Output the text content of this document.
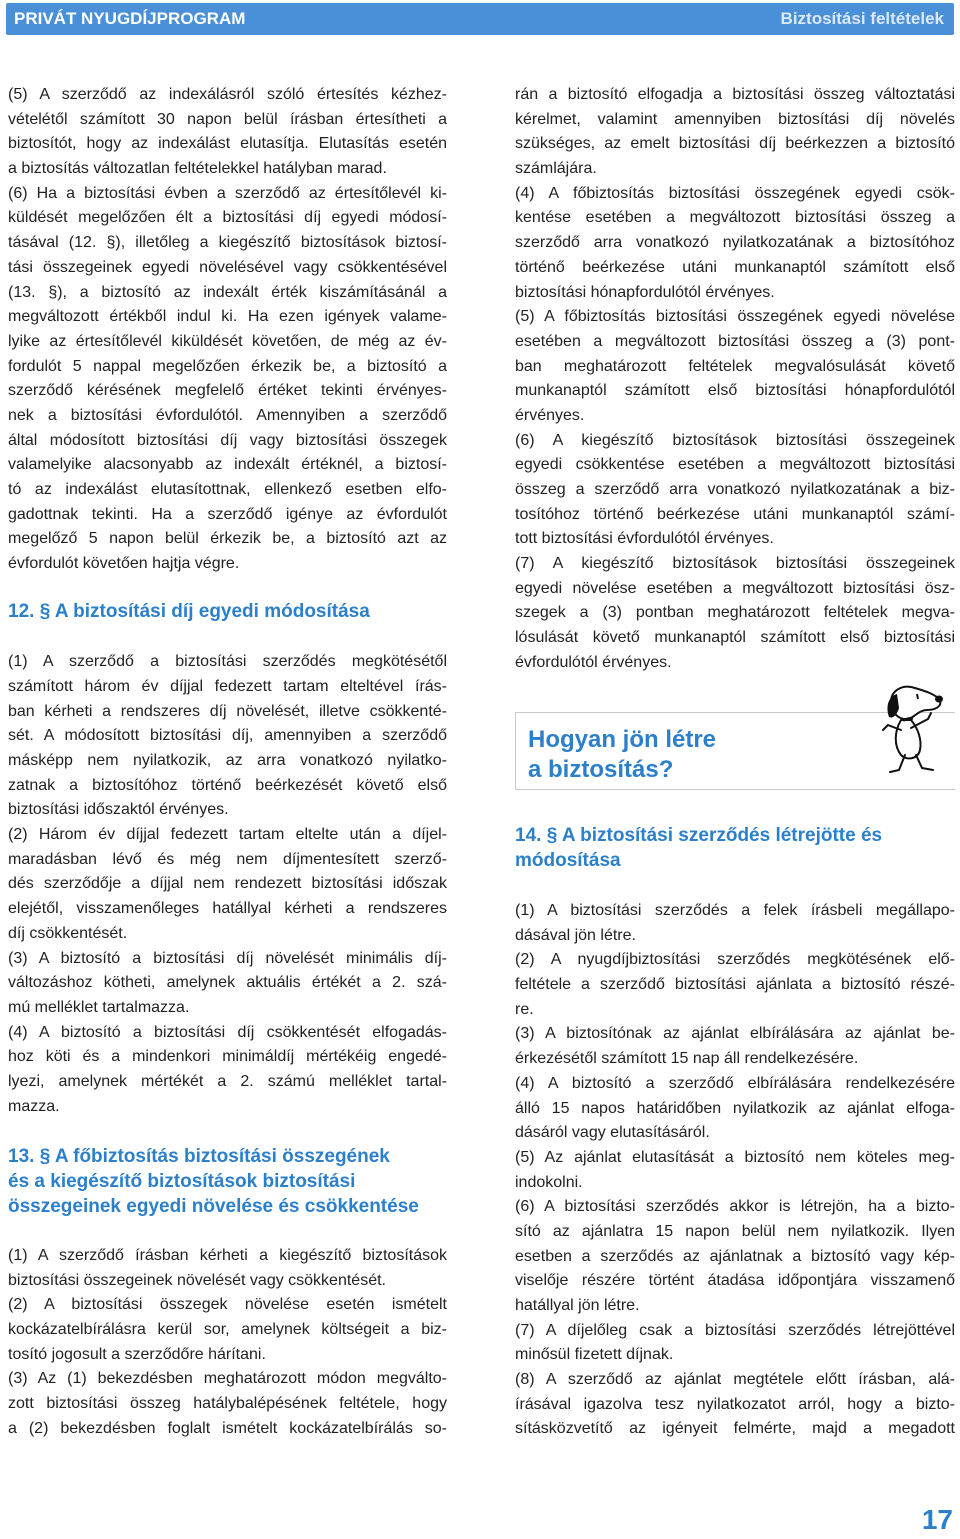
PRIVÁT NYUGDÍJPROGRAM	Biztosítási feltételek
(5) A szerződő az indexálásról szóló értesítés kézhez-
vételétől számított 30 napon belül írásban értesítheti a
biztosítót, hogy az indexálást elutasítja. Elutasítás esetén
a biztosítás változatlan feltételekkel hatályban marad.
(6) Ha a biztosítási évben a szerződő az értesítőlevél ki-
küldését megelőzően élt a biztosítási díj egyedi módosí-
tásával (12. §), illetőleg a kiegészítő biztosítások biztosí-
tási összegeinek egyedi növelésével vagy csökkentésével
(13. §), a biztosító az indexált érték kiszámításánál a
megváltozott értékből indul ki. Ha ezen igények valame-
lyike az értesítőlevél kiküldését követően, de még az év-
fordulót 5 nappal megelőzően érkezik be, a biztosító a
szerződő kérésének megfelelő értéket tekinti érvényes-
nek a biztosítási évfordulótól. Amennyiben a szerződő
által módosított biztosítási díj vagy biztosítási összegek
valamelyike alacsonyabb az indexált értéknél, a biztosí-
tó az indexálást elutasítottnak, ellenkező esetben elfo-
gadottnak tekinti. Ha a szerződő igénye az évfordulót
megelőző 5 napon belül érkezik be, a biztosító azt az
évfordulót követően hajtja végre.
12. § A biztosítási díj egyedi módosítása
(1) A szerződő a biztosítási szerződés megkötésétől
számított három év díjjal fedezett tartam elteltével írás-
ban kérheti a rendszeres díj növelését, illetve csökkenté-
sét. A módosított biztosítási díj, amennyiben a szerződő
másképp nem nyilatkozik, az arra vonatkozó nyilatko-
zatnak a biztosítóhoz történő beérkezését követő első
biztosítási időszaktól érvényes.
(2) Három év díjjal fedezett tartam eltelte után a díjel-
maradásban lévő és még nem díjmentesített szerző-
dés szerződője a díjjal nem rendezett biztosítási időszak
elejétől, visszamenőleges hatállyal kérheti a rendszeres
díj csökkentését.
(3) A biztosító a biztosítási díj növelését minimális díj-
változáshoz kötheti, amelynek aktuális értékét a 2. szá-
mú melléklet tartalmazza.
(4) A biztosító a biztosítási díj csökkentését elfogadás-
hoz köti és a mindenkori minimáldíj mértékéig engedé-
lyezi, amelynek mértékét a 2. számú melléklet tartal-
mazza.
13. § A főbiztosítás biztosítási összegének
és a kiegészítő biztosítások biztosítási
összegeinek egyedi növelése és csökkentése
(1) A szerződő írásban kérheti a kiegészítő biztosítások
biztosítási összegeinek növelését vagy csökkentését.
(2) A biztosítási összegek növelése esetén ismételt
kockázatelbírálásra kerül sor, amelynek költségeit a biz-
tosító jogosult a szerződőre hárítani.
(3) Az (1) bekezdésben meghatározott módon megválto-
zott biztosítási összeg hatálybalépésének feltétele, hogy
a (2) bekezdésben foglalt ismételt kockázatelbírálás so-
rán a biztosító elfogadja a biztosítási összeg változtatási
kérelmet, valamint amennyiben biztosítási díj növelés
szükséges, az emelt biztosítási díj beérkezzen a biztosító
számlájára.
(4) A főbiztosítás biztosítási összegének egyedi csök-
kentése esetében a megváltozott biztosítási összeg a
szerződő arra vonatkozó nyilatkozatának a biztosítóhoz
történő beérkezése utáni munkanaptól számított első
biztosítási hónapfordulótól érvényes.
(5) A főbiztosítás biztosítási összegének egyedi növelése
esetében a megváltozott biztosítási összeg a (3) pont-
ban meghatározott feltételek megvalósulását követő
munkanaptól számított első biztosítási hónapfordulótól
érvényes.
(6) A kiegészítő biztosítások biztosítási összegeinek
egyedi csökkentése esetében a megváltozott biztosítási
összeg a szerződő arra vonatkozó nyilatkozatának a biz-
tosítóhoz történő beérkezése utáni munkanaptól számí-
tott biztosítási évfordulótól érvényes.
(7) A kiegészítő biztosítások biztosítási összegeinek
egyedi növelése esetében a megváltozott biztosítási ösz-
szegek a (3) pontban meghatározott feltételek megva-
lósulását követő munkanaptól számított első biztosítási
évfordulótól érvényes.
Hogyan jön létre
a biztosítás?
14. § A biztosítási szerződés létrejötte és
módosítása
(1) A biztosítási szerződés a felek írásbeli megállapo-
dásával jön létre.
(2) A nyugdíjbiztosítási szerződés megkötésének elő-
feltétele a szerződő biztosítási ajánlata a biztosító részé-
re.
(3) A biztosítónak az ajánlat elbírálására az ajánlat be-
érkezésétől számított 15 nap áll rendelkezésére.
(4) A biztosító a szerződő elbírálására rendelkezésére
álló 15 napos határidőben nyilatkozik az ajánlat elfoga-
dásáról vagy elutasításáról.
(5) Az ajánlat elutasítását a biztosító nem köteles meg-
indokolni.
(6) A biztosítási szerződés akkor is létrejön, ha a bizto-
sító az ajánlatra 15 napon belül nem nyilatkozik. Ilyen
esetben a szerződés az ajánlatnak a biztosító vagy kép-
viselője részére történt átadása időpontjára visszamenő
hatállyal jön létre.
(7) A díjelőleg csak a biztosítási szerződés létrejöttével
minősül fizetett díjnak.
(8) A szerződő az ajánlat megtétele előtt írásban, alá-
írásával igazolva tesz nyilatkozatot arról, hogy a bizto-
sításközvetítő az igényeit felmérte, majd a megadott
17
